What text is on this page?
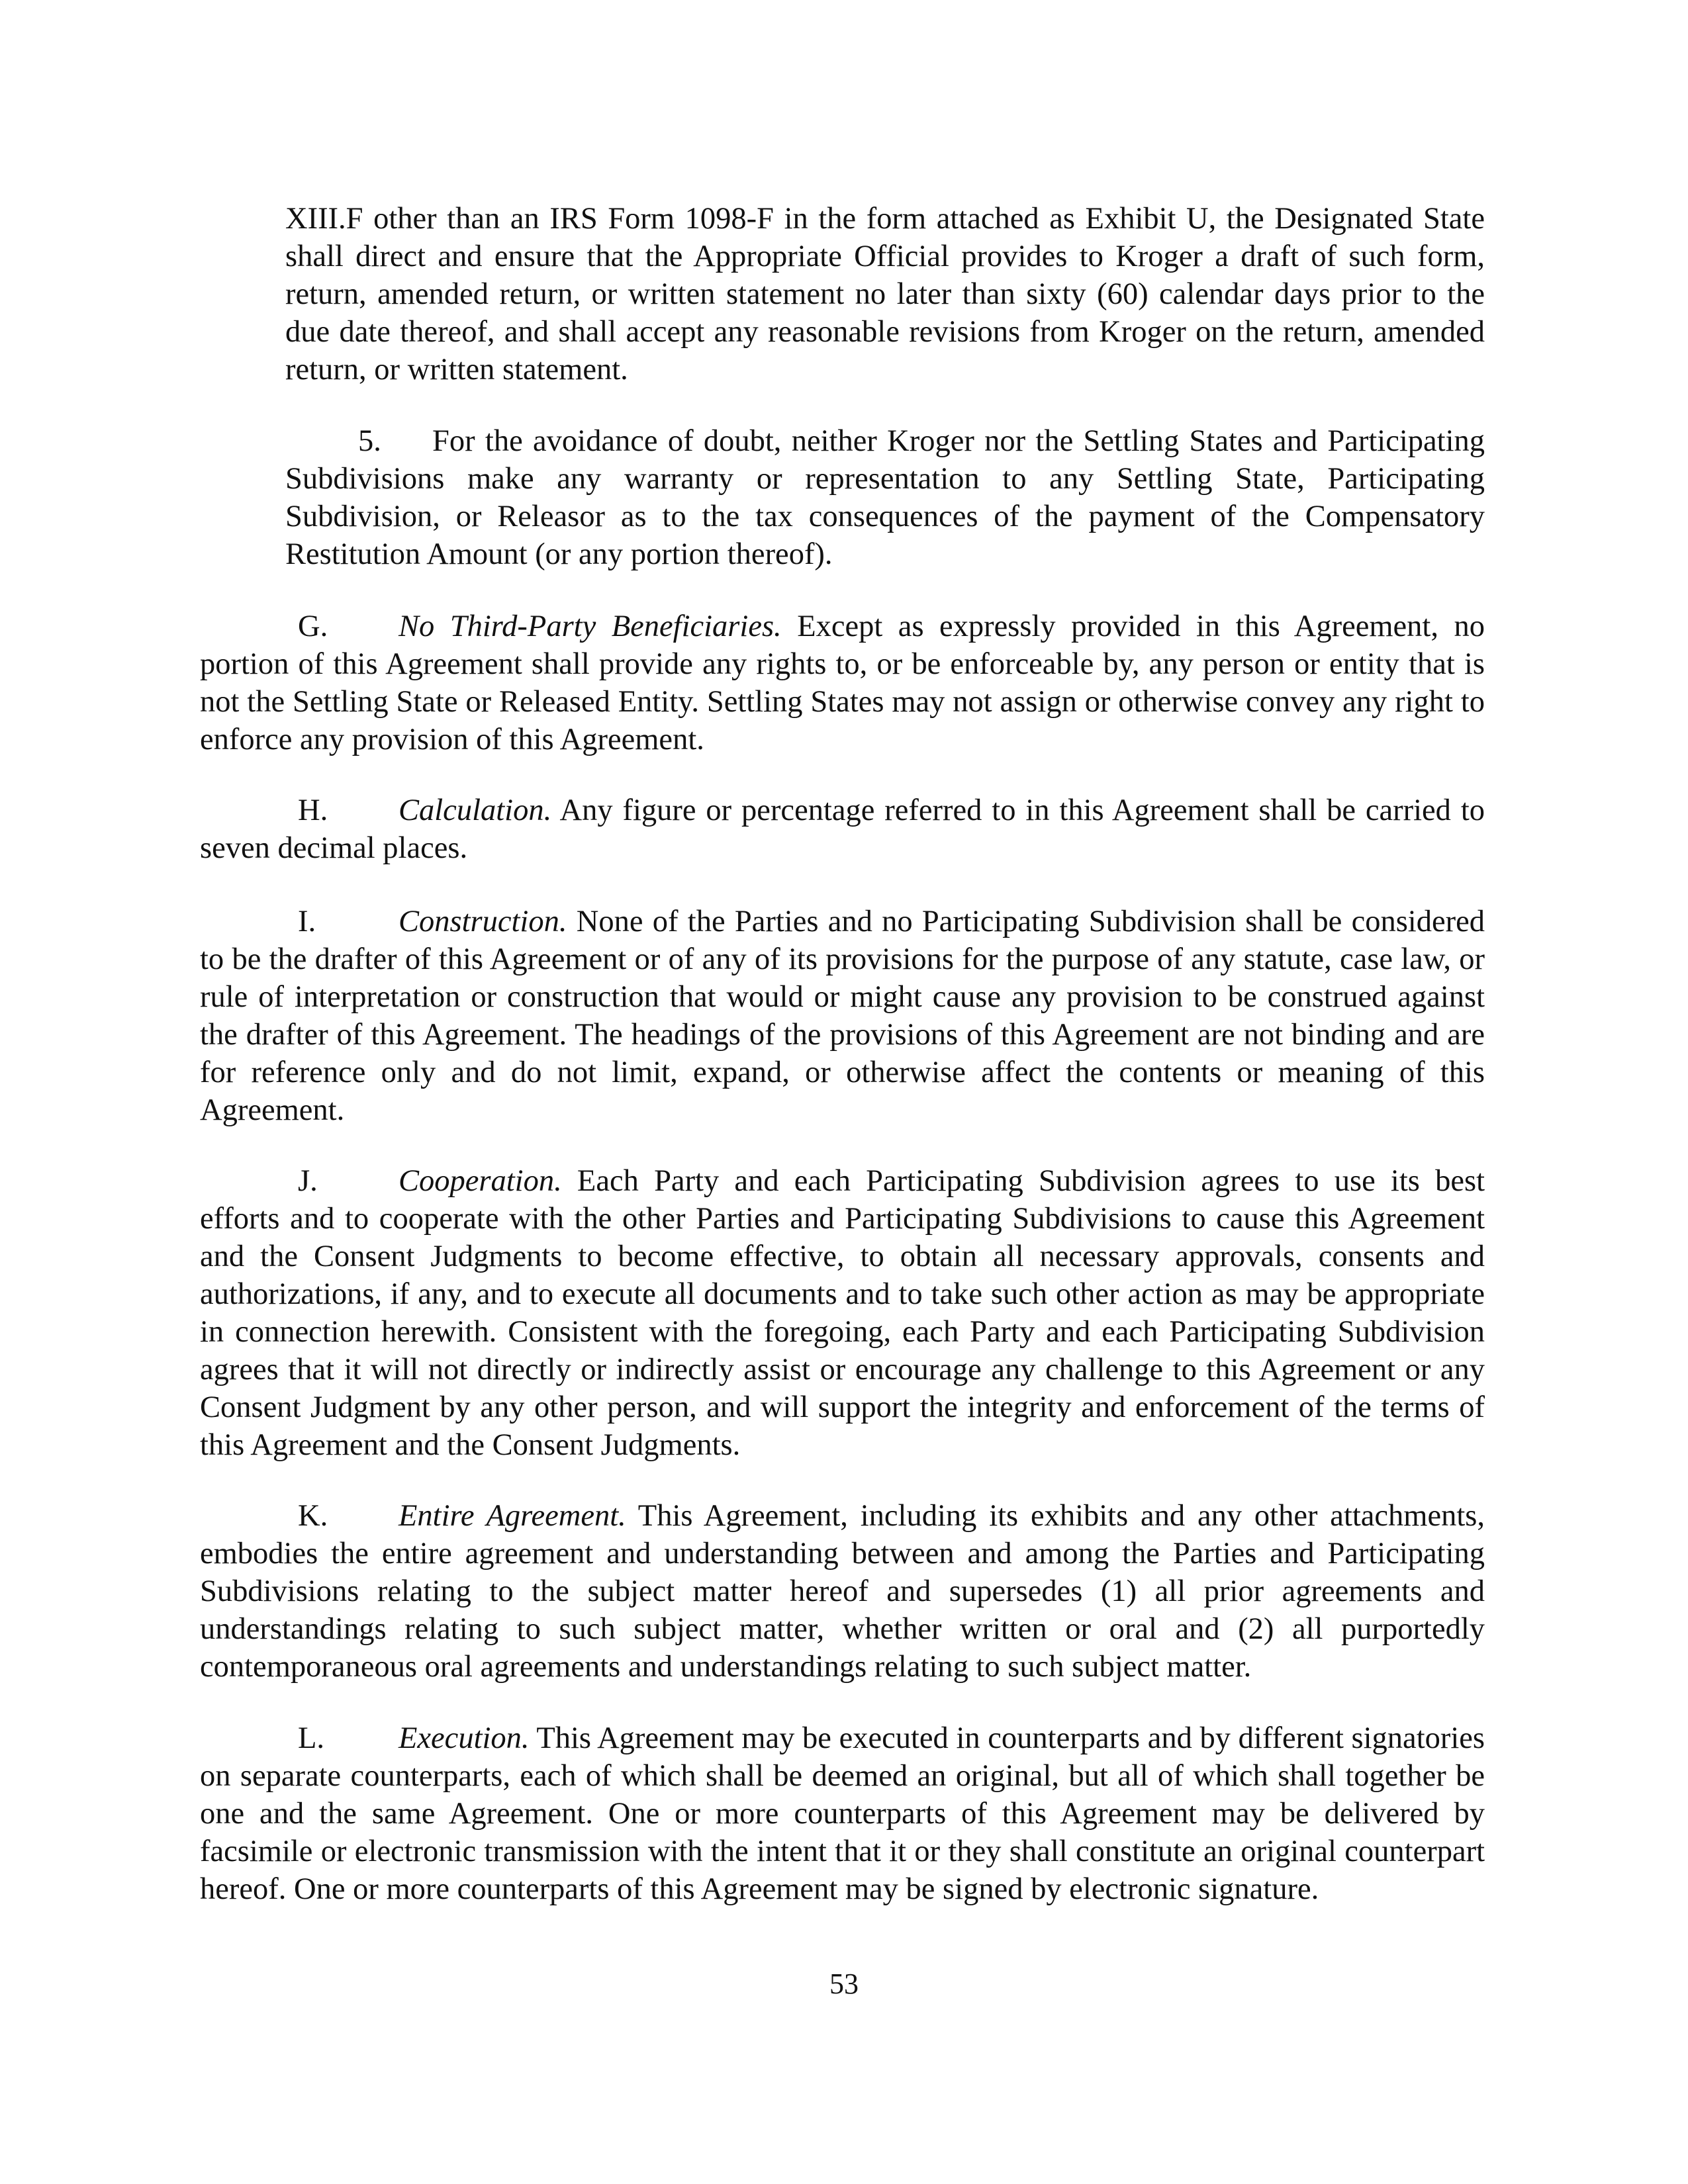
XIII.F other than an IRS Form 1098-F in the form attached as Exhibit U, the Designated State shall direct and ensure that the Appropriate Official provides to Kroger a draft of such form, return, amended return, or written statement no later than sixty (60) calendar days prior to the due date thereof, and shall accept any reasonable revisions from Kroger on the return, amended return, or written statement.

5. For the avoidance of doubt, neither Kroger nor the Settling States and Participating Subdivisions make any warranty or representation to any Settling State, Participating Subdivision, or Releasor as to the tax consequences of the payment of the Compensatory Restitution Amount (or any portion thereof).

G. No Third-Party Beneficiaries. Except as expressly provided in this Agreement, no portion of this Agreement shall provide any rights to, or be enforceable by, any person or entity that is not the Settling State or Released Entity. Settling States may not assign or otherwise convey any right to enforce any provision of this Agreement.

H. Calculation. Any figure or percentage referred to in this Agreement shall be carried to seven decimal places.

I.	Construction. None of the Parties and no Participating Subdivision shall be considered to be the drafter of this Agreement or of any of its provisions for the purpose of any statute, case law, or rule of interpretation or construction that would or might cause any provision to be construed against the drafter of this Agreement. The headings of the provisions of this Agreement are not binding and are for reference only and do not limit, expand, or otherwise affect the contents or meaning of this Agreement.

J.	Cooperation. Each Party and each Participating Subdivision agrees to use its best efforts and to cooperate with the other Parties and Participating Subdivisions to cause this Agreement and the Consent Judgments to become effective, to obtain all necessary approvals, consents and authorizations, if any, and to execute all documents and to take such other action as may be appropriate in connection herewith. Consistent with the foregoing, each Party and each Participating Subdivision agrees that it will not directly or indirectly assist or encourage any challenge to this Agreement or any Consent Judgment by any other person, and will support the integrity and enforcement of the terms of this Agreement and the Consent Judgments.

K. Entire Agreement. This Agreement, including its exhibits and any other attachments, embodies the entire agreement and understanding between and among the Parties and Participating Subdivisions relating to the subject matter hereof and supersedes (1) all prior agreements and understandings relating to such subject matter, whether written or oral and (2) all purportedly contemporaneous oral agreements and understandings relating to such subject matter.

L. Execution. This Agreement may be executed in counterparts and by different signatories on separate counterparts, each of which shall be deemed an original, but all of which shall together be one and the same Agreement. One or more counterparts of this Agreement may be delivered by facsimile or electronic transmission with the intent that it or they shall constitute an original counterpart hereof. One or more counterparts of this Agreement may be signed by electronic signature.

53
